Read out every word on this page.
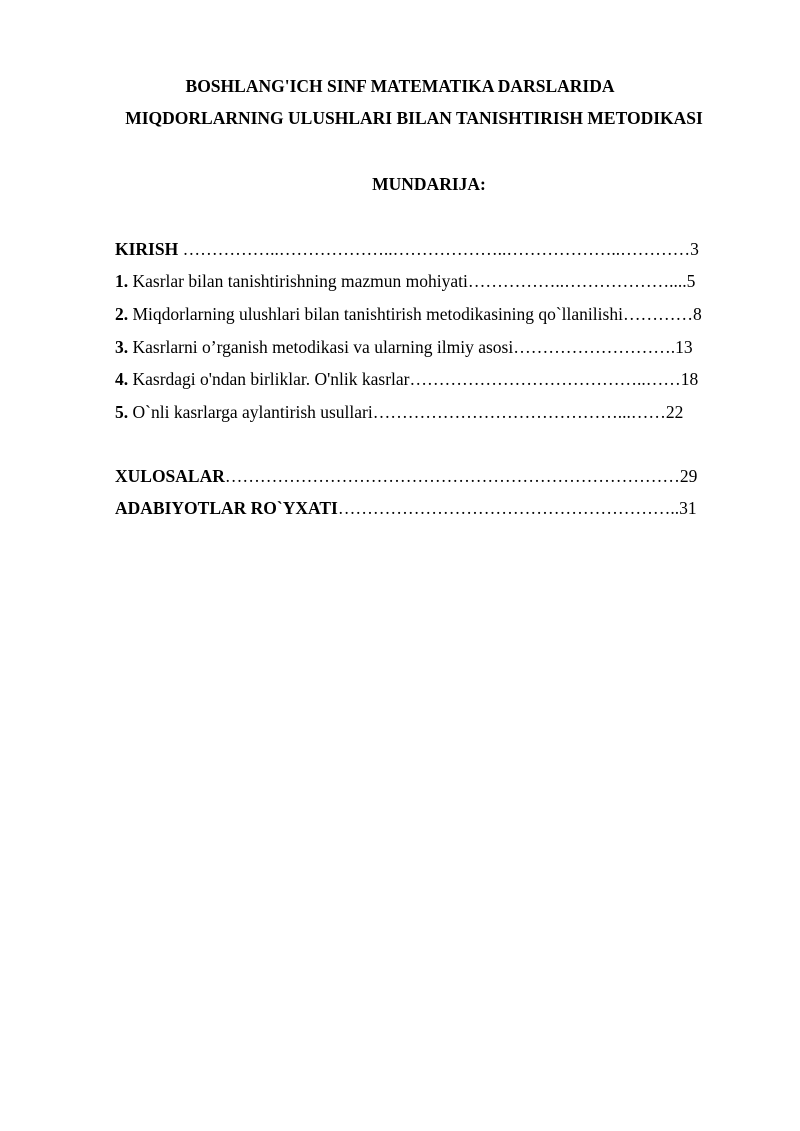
BOSHLANG'ICH SINF MATEMATIKA DARSLARIDA
MIQDORLARNING ULUSHLARI BILAN TANISHTIRISH METODIKASI
MUNDARIJA:
KIRISH ……………..………………..………………..………………..…………3
1. Kasrlar bilan tanishtirishning mazmun mohiyati……………..………………....5
2. Miqdorlarning ulushlari bilan tanishtirish metodikasining qo`llanilishi…………8
3. Kasrlarni o’rganish metodikasi va ularning ilmiy asosi……………………….13
4. Kasrdagi o'ndan birliklar. O'nlik kasrlar…………………………………..……18
5. O`nli kasrlarga aylantirish usullari……………………………………...……22
XULOSALAR……………………………………………………………………29
ADABIYOTLAR RO`YXATI…………………………………………………..31
